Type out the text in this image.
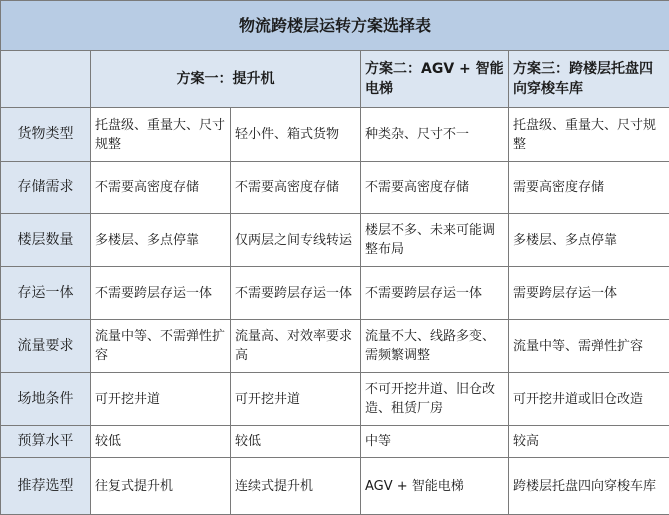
物流跨楼层运转方案选择表				
	方案一：提升机		方案二：AGV + 智能电梯	方案三：跨楼层托盘四向穿梭车库
货物类型	托盘级、重量大、尺寸规整	轻小件、箱式货物	种类杂、尺寸不一	托盘级、重量大、尺寸规整
存储需求	不需要高密度存储	不需要高密度存储	不需要高密度存储	需要高密度存储
楼层数量	多楼层、多点停靠	仅两层之间专线转运	楼层不多、未来可能调整布局	多楼层、多点停靠
存运一体	不需要跨层存运一体	不需要跨层存运一体	不需要跨层存运一体	需要跨层存运一体
流量要求	流量中等、不需弹性扩容	流量高、对效率要求高	流量不大、线路多变、需频繁调整	流量中等、需弹性扩容
场地条件	可开挖井道	可开挖井道	不可开挖井道、旧仓改造、租赁厂房	可开挖井道或旧仓改造
预算水平	较低	较低	中等	较高
推荐选型	往复式提升机	连续式提升机	AGV + 智能电梯	跨楼层托盘四向穿梭车库
